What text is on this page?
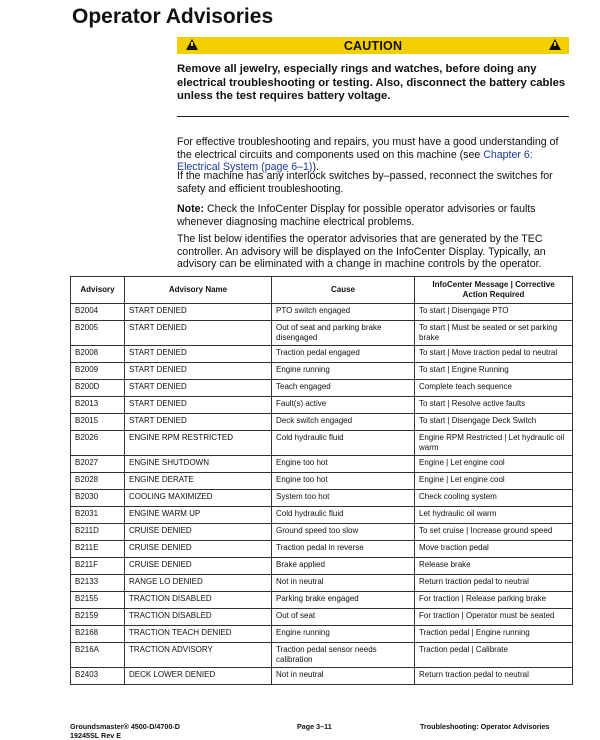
Operator Advisories
CAUTION

Remove all jewelry, especially rings and watches, before doing any electrical troubleshooting or testing. Also, disconnect the battery cables unless the test requires battery voltage.

For effective troubleshooting and repairs, you must have a good understanding of the electrical circuits and components used on this machine (see Chapter 6: Electrical System (page 6–1)).

If the machine has any interlock switches by–passed, reconnect the switches for safety and efficient troubleshooting.

Note: Check the InfoCenter Display for possible operator advisories or faults whenever diagnosing machine electrical problems.

The list below identifies the operator advisories that are generated by the TEC controller. An advisory will be displayed on the InfoCenter Display. Typically, an advisory can be eliminated with a change in machine controls by the operator.

Advisory	Advisory Name	Cause	InfoCenter Message | Corrective Action Required
B2004	START DENIED	PTO switch engaged	To start | Disengage PTO
B2005	START DENIED	Out of seat and parking brake disengaged	To start | Must be seated or set parking brake
B2008	START DENIED	Traction pedal engaged	To start | Move traction pedal to neutral
B2009	START DENIED	Engine running	To start | Engine Running
B200D	START DENIED	Teach engaged	Complete teach sequence
B2013	START DENIED	Fault(s) active	To start | Resolve active faults
B2015	START DENIED	Deck switch engaged	To start | Disengage Deck Switch
B2026	ENGINE RPM RESTRICTED	Cold hydraulic fluid	Engine RPM Restricted | Let hydraulic oil warm
B2027	ENGINE SHUTDOWN	Engine too hot	Engine | Let engine cool
B2028	ENGINE DERATE	Engine too hot	Engine | Let engine cool
B2030	COOLING MAXIMIZED	System too hot	Check cooling system
B2031	ENGINE WARM UP	Cold hydraulic fluid	Let hydraulic oil warm
B211D	CRUISE DENIED	Ground speed too slow	To set cruise | Increase ground speed
B211E	CRUISE DENIED	Traction pedal in reverse	Move traction pedal
B211F	CRUISE DENIED	Brake applied	Release brake
B2133	RANGE LO DENIED	Not in neutral	Return traction pedal to neutral
B2155	TRACTION DISABLED	Parking brake engaged	For traction | Release parking brake
B2159	TRACTION DISABLED	Out of seat	For traction | Operator must be seated
B2168	TRACTION TEACH DENIED	Engine running	Traction pedal | Engine running
B216A	TRACTION ADVISORY	Traction pedal sensor needs calibration	Traction pedal | Calibrate
B2403	DECK LOWER DENIED	Not in neutral	Return traction pedal to neutral
Groundsmaster® 4500-D/4700-D
19245SL Rev E
Page 3–11	Troubleshooting: Operator Advisories
